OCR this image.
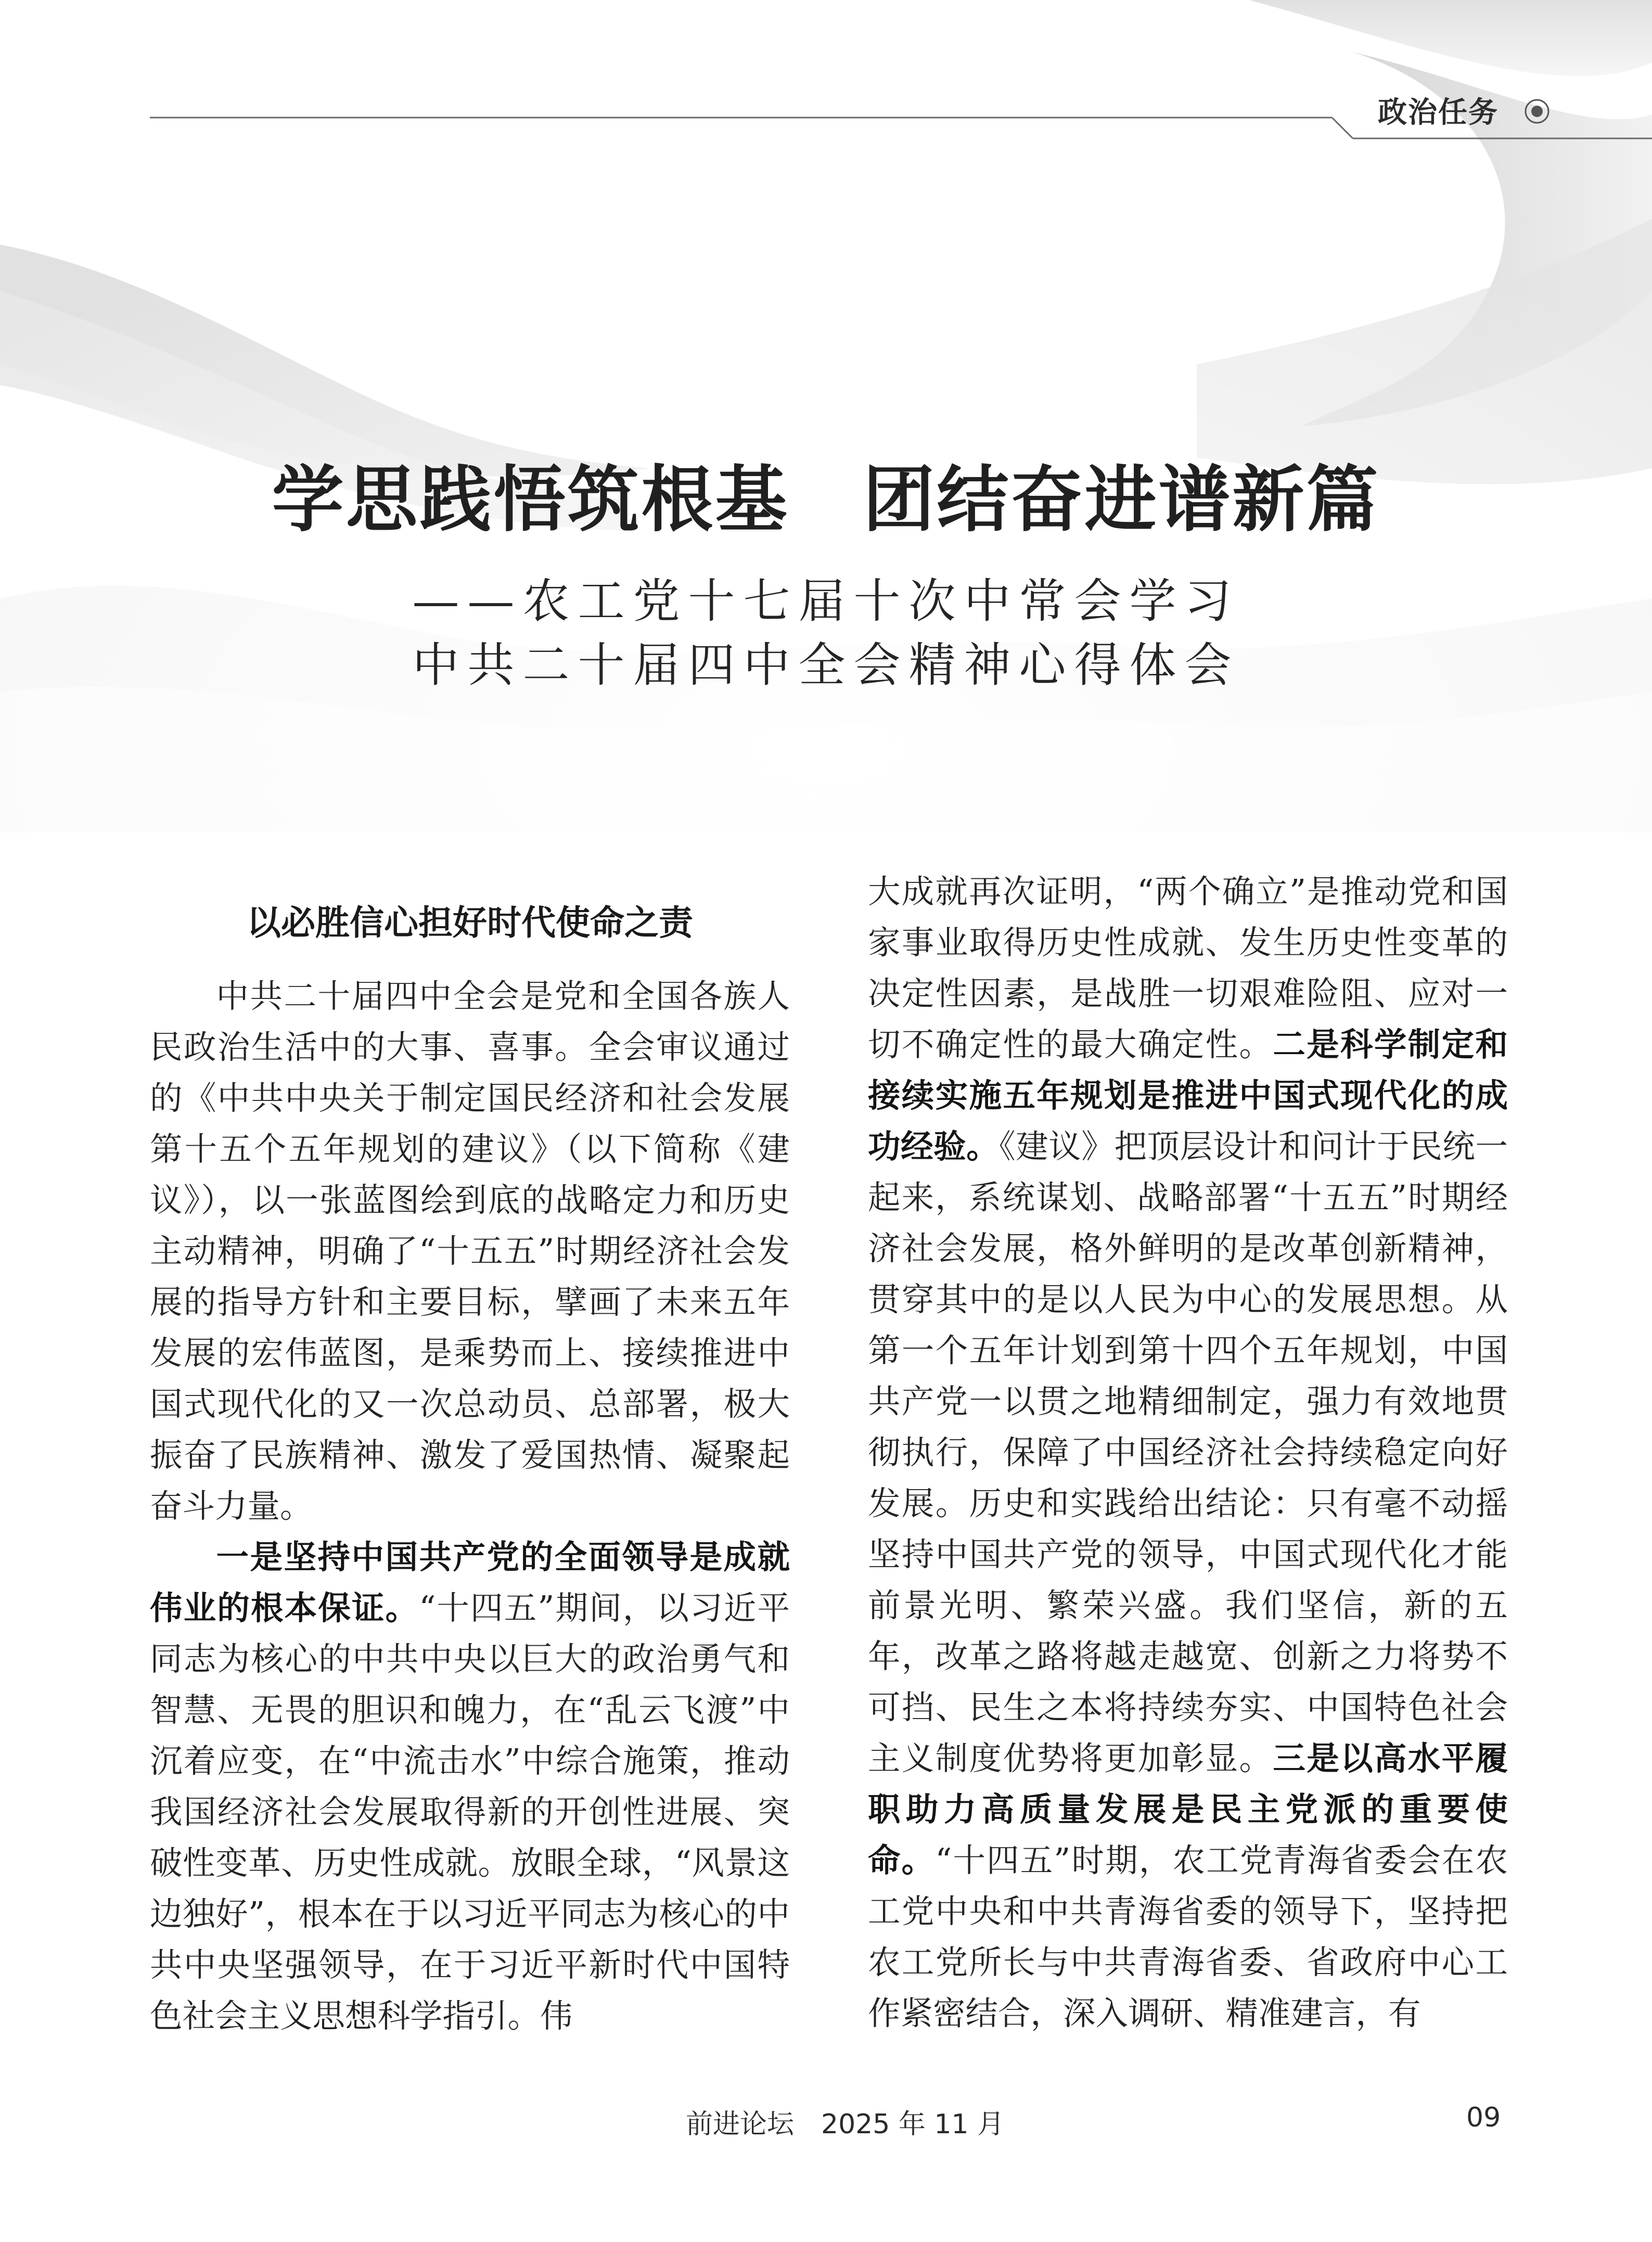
政治任务
学思践悟筑根基　团结奋进谱新篇
——农工党十七届十次中常会学习
中共二十届四中全会精神心得体会
以必胜信心担好时代使命之责

中共二十届四中全会是党和全国各族人民政治生活中的大事、喜事。全会审议通过的《中共中央关于制定国民经济和社会发展第十五个五年规划的建议》（以下简称《建议》），以一张蓝图绘到底的战略定力和历史主动精神，明确了“十五五”时期经济社会发展的指导方针和主要目标，擘画了未来五年发展的宏伟蓝图，是乘势而上、接续推进中国式现代化的又一次总动员、总部署，极大振奋了民族精神、激发了爱国热情、凝聚起奋斗力量。

一是坚持中国共产党的全面领导是成就伟业的根本保证。“十四五”期间，以习近平同志为核心的中共中央以巨大的政治勇气和智慧、无畏的胆识和魄力，在“乱云飞渡”中沉着应变，在“中流击水”中综合施策，推动我国经济社会发展取得新的开创性进展、突破性变革、历史性成就。放眼全球，“风景这边独好”，根本在于以习近平同志为核心的中共中央坚强领导，在于习近平新时代中国特色社会主义思想科学指引。伟

大成就再次证明，“两个确立”是推动党和国家事业取得历史性成就、发生历史性变革的决定性因素，是战胜一切艰难险阻、应对一切不确定性的最大确定性。二是科学制定和接续实施五年规划是推进中国式现代化的成功经验。《建议》把顶层设计和问计于民统一起来，系统谋划、战略部署“十五五”时期经济社会发展，格外鲜明的是改革创新精神，贯穿其中的是以人民为中心的发展思想。从第一个五年计划到第十四个五年规划，中国共产党一以贯之地精细制定，强力有效地贯彻执行，保障了中国经济社会持续稳定向好发展。历史和实践给出结论：只有毫不动摇坚持中国共产党的领导，中国式现代化才能前景光明、繁荣兴盛。我们坚信，新的五年，改革之路将越走越宽、创新之力将势不可挡、民生之本将持续夯实、中国特色社会主义制度优势将更加彰显。三是以高水平履职助力高质量发展是民主党派的重要使命。“十四五”时期，农工党青海省委会在农工党中央和中共青海省委的领导下，坚持把农工党所长与中共青海省委、省政府中心工作紧密结合，深入调研、精准建言，有

前进论坛 2025 年 11 月	09
